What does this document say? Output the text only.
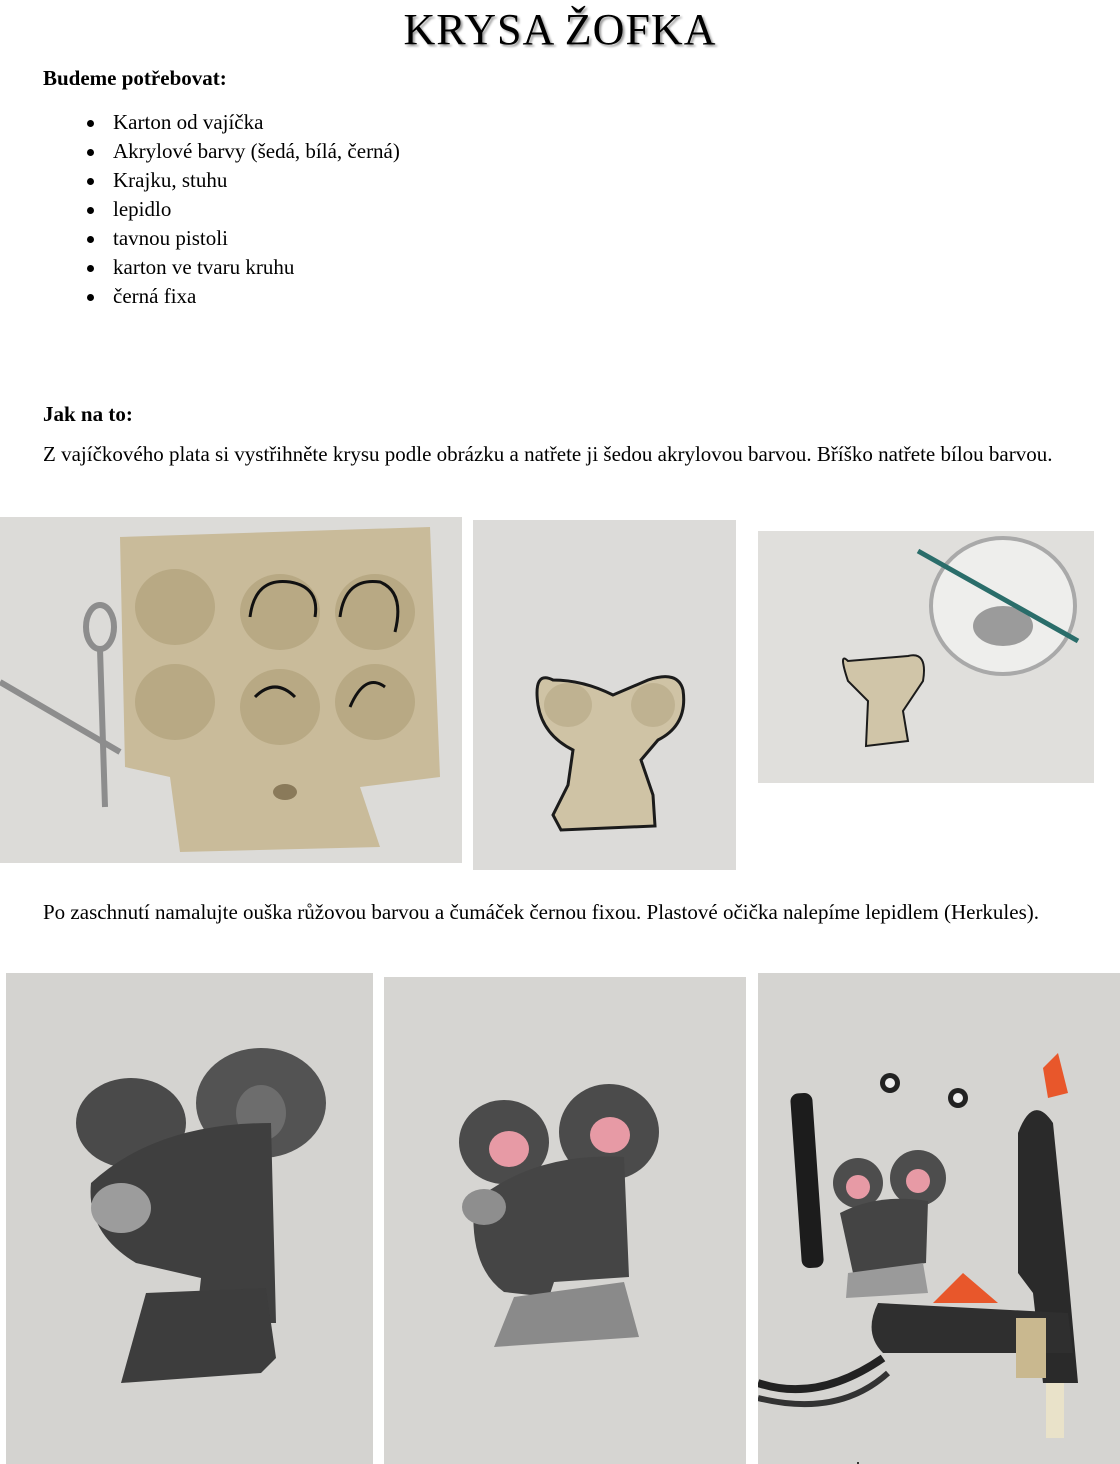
KRYSA ŽOFKA
Budeme potřebovat:
Karton od vajíčka
Akrylové barvy (šedá, bílá, černá)
Krajku, stuhu
lepidlo
tavnou pistoli
karton ve tvaru kruhu
černá fixa
Jak na to:
Z vajíčkového plata si vystřihněte krysu podle obrázku a natřete ji šedou akrylovou barvou. Bříško natřete bílou barvou.
Po zaschnutí namalujte ouška růžovou barvou a čumáček černou fixou. Plastové očička nalepíme lepidlem (Herkules).
